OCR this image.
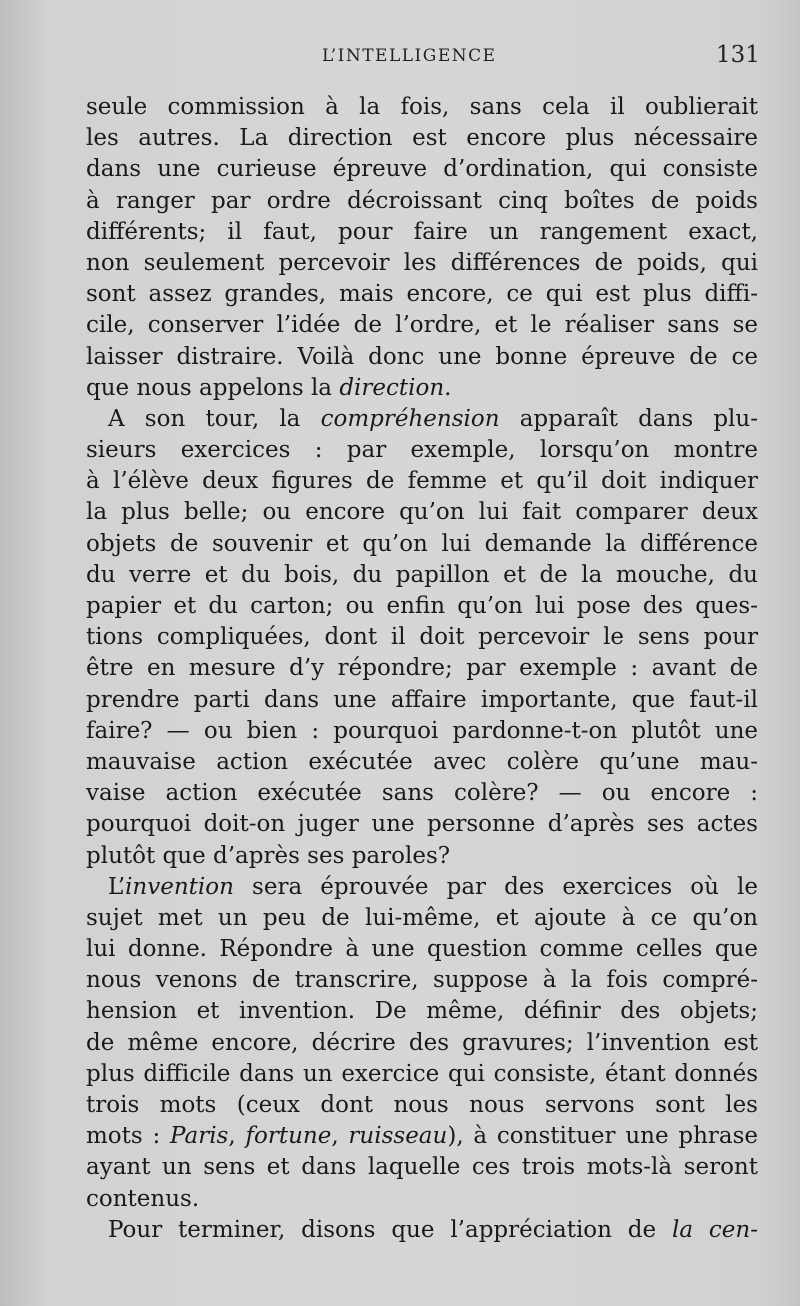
L’INTELLIGENCE	131
seule commission à la fois, sans cela il oublierait
les autres. La direction est encore plus nécessaire
dans une curieuse épreuve d’ordination, qui consiste
à ranger par ordre décroissant cinq boîtes de poids
différents; il faut, pour faire un rangement exact,
non seulement percevoir les différences de poids, qui
sont assez grandes, mais encore, ce qui est plus diffi-
cile, conserver l’idée de l’ordre, et le réaliser sans se
laisser distraire. Voilà donc une bonne épreuve de ce
que nous appelons la direction.
A son tour, la compréhension apparaît dans plu-
sieurs exercices : par exemple, lorsqu’on montre
à l’élève deux figures de femme et qu’il doit indiquer
la plus belle; ou encore qu’on lui fait comparer deux
objets de souvenir et qu’on lui demande la différence
du verre et du bois, du papillon et de la mouche, du
papier et du carton; ou enfin qu’on lui pose des ques-
tions compliquées, dont il doit percevoir le sens pour
être en mesure d’y répondre; par exemple : avant de
prendre parti dans une affaire importante, que faut-il
faire? — ou bien : pourquoi pardonne-t-on plutôt une
mauvaise action exécutée avec colère qu’une mau-
vaise action exécutée sans colère? — ou encore :
pourquoi doit-on juger une personne d’après ses actes
plutôt que d’après ses paroles?
L’invention sera éprouvée par des exercices où le
sujet met un peu de lui-même, et ajoute à ce qu’on
lui donne. Répondre à une question comme celles que
nous venons de transcrire, suppose à la fois compré-
hension et invention. De même, définir des objets;
de même encore, décrire des gravures; l’invention est
plus difficile dans un exercice qui consiste, étant donnés
trois mots (ceux dont nous nous servons sont les
mots : Paris, fortune, ruisseau), à constituer une phrase
ayant un sens et dans laquelle ces trois mots-là seront
contenus.
Pour terminer, disons que l’appréciation de la cen-
